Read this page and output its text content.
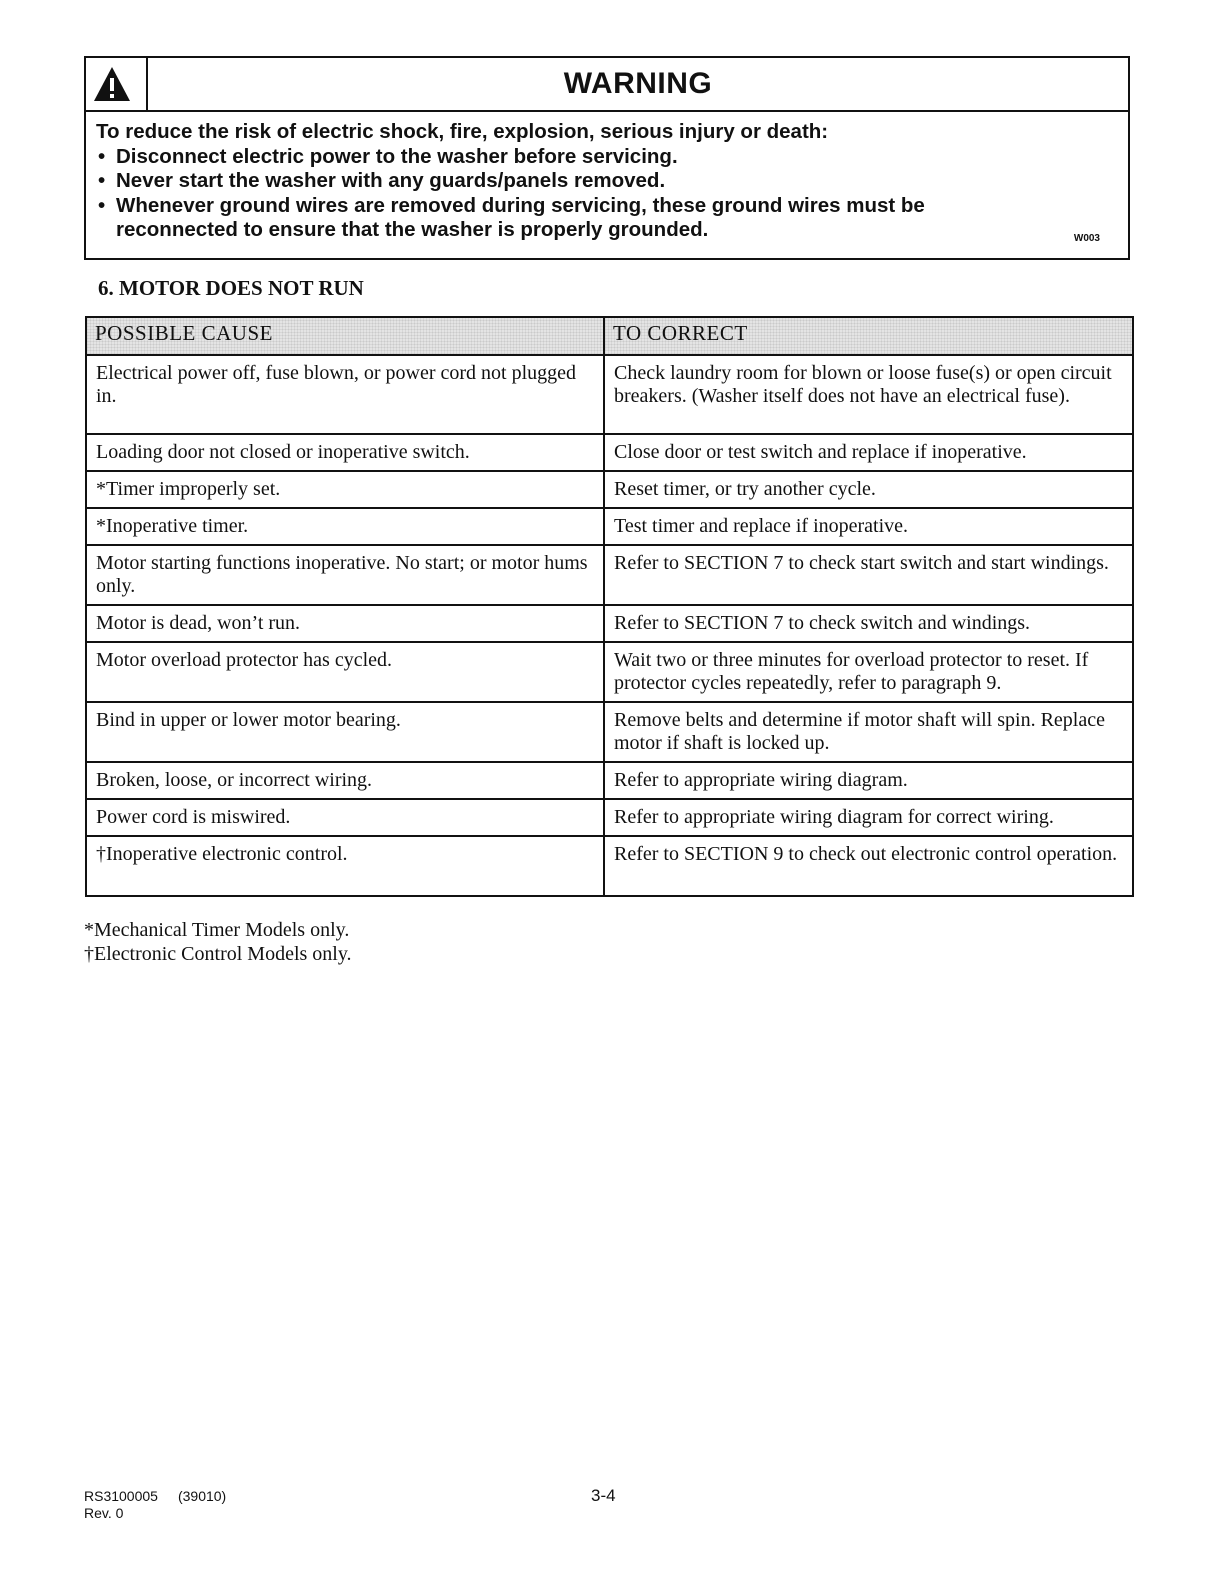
WARNING
To reduce the risk of electric shock, fire, explosion, serious injury or death:
• Disconnect electric power to the washer before servicing.
• Never start the washer with any guards/panels removed.
• Whenever ground wires are removed during servicing, these ground wires must be reconnected to ensure that the washer is properly grounded.	W003
6. MOTOR DOES NOT RUN
POSSIBLE CAUSE	TO CORRECT
Electrical power off, fuse blown, or power cord not plugged in.	Check laundry room for blown or loose fuse(s) or open circuit breakers. (Washer itself does not have an electrical fuse).
Loading door not closed or inoperative switch.	Close door or test switch and replace if inoperative.
*Timer improperly set.	Reset timer, or try another cycle.
*Inoperative timer.	Test timer and replace if inoperative.
Motor starting functions inoperative. No start; or motor hums only.	Refer to SECTION 7 to check start switch and start windings.
Motor is dead, won’t run.	Refer to SECTION 7 to check switch and windings.
Motor overload protector has cycled.	Wait two or three minutes for overload protector to reset. If protector cycles repeatedly, refer to paragraph 9.
Bind in upper or lower motor bearing.	Remove belts and determine if motor shaft will spin. Replace motor if shaft is locked up.
Broken, loose, or incorrect wiring.	Refer to appropriate wiring diagram.
Power cord is miswired.	Refer to appropriate wiring diagram for correct wiring.
†Inoperative electronic control.	Refer to SECTION 9 to check out electronic control operation.
*Mechanical Timer Models only.
†Electronic Control Models only.
RS3100005 (39010)
Rev. 0
3-4
